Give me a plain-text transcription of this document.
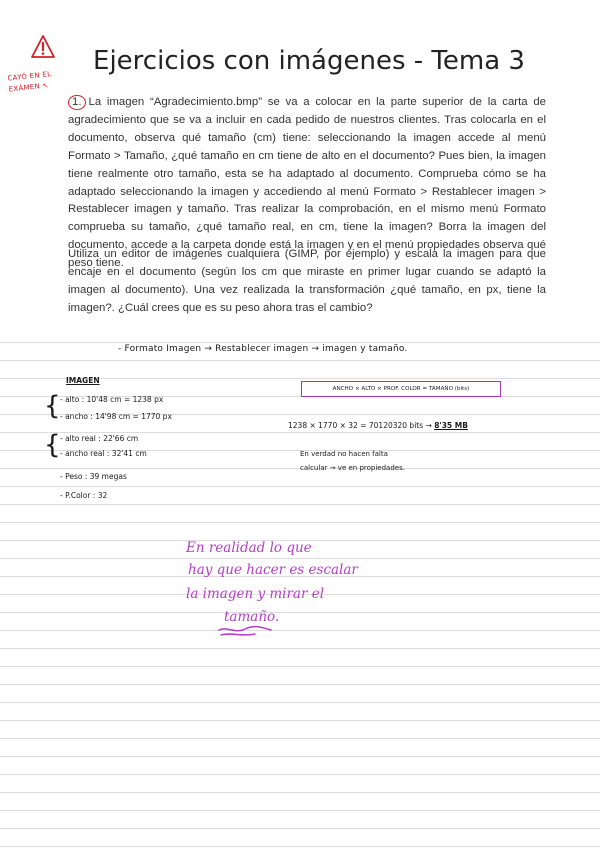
CAYÓ EN EL
EXÁMEN ↖
Ejercicios con imágenes - Tema 3

1. La imagen “Agradecimiento.bmp” se va a colocar en la parte superior de la carta de agradecimiento que se va a incluir en cada pedido de nuestros clientes. Tras colocarla en el documento, observa qué tamaño (cm) tiene: seleccionando la imagen accede al menú Formato > Tamaño, ¿qué tamaño en cm tiene de alto en el documento? Pues bien, la imagen tiene realmente otro tamaño, esta se ha adaptado al documento. Comprueba cómo se ha adaptado seleccionando la imagen y accediendo al menú Formato > Restablecer imagen > Restablecer imagen y tamaño. Tras realizar la comprobación, en el mismo menú Formato comprueba su tamaño, ¿qué tamaño real, en cm, tiene la imagen? Borra la imagen del documento, accede a la carpeta donde está la imagen y en el menú propiedades observa qué peso tiene.

Utiliza un editor de imágenes cualquiera (GIMP, por ejemplo) y escala la imagen para que encaje en el documento (según los cm que miraste en primer lugar cuando se adaptó la imagen al documento). Una vez realizada la transformación ¿qué tamaño, en px, tiene la imagen?. ¿Cuál crees que es su peso ahora tras el cambio?

- Formato Imagen → Restablecer imagen → imagen y tamaño.
IMAGEN
{
{
- alto : 10'48 cm = 1238 px
- ancho : 14'98 cm = 1770 px
- alto real : 22'66 cm
- ancho real : 32'41 cm
- Peso : 39 megas
- P.Color : 32
ANCHO × ALTO × PROF. COLOR = TAMAÑO (bits)
1238 × 1770 × 32 = 70120320 bits → 8'35 MB
En verdad no hacen falta
calcular → ve en propiedades.
En realidad lo que
hay que hacer es escalar
la imagen y mirar el
tamaño.
